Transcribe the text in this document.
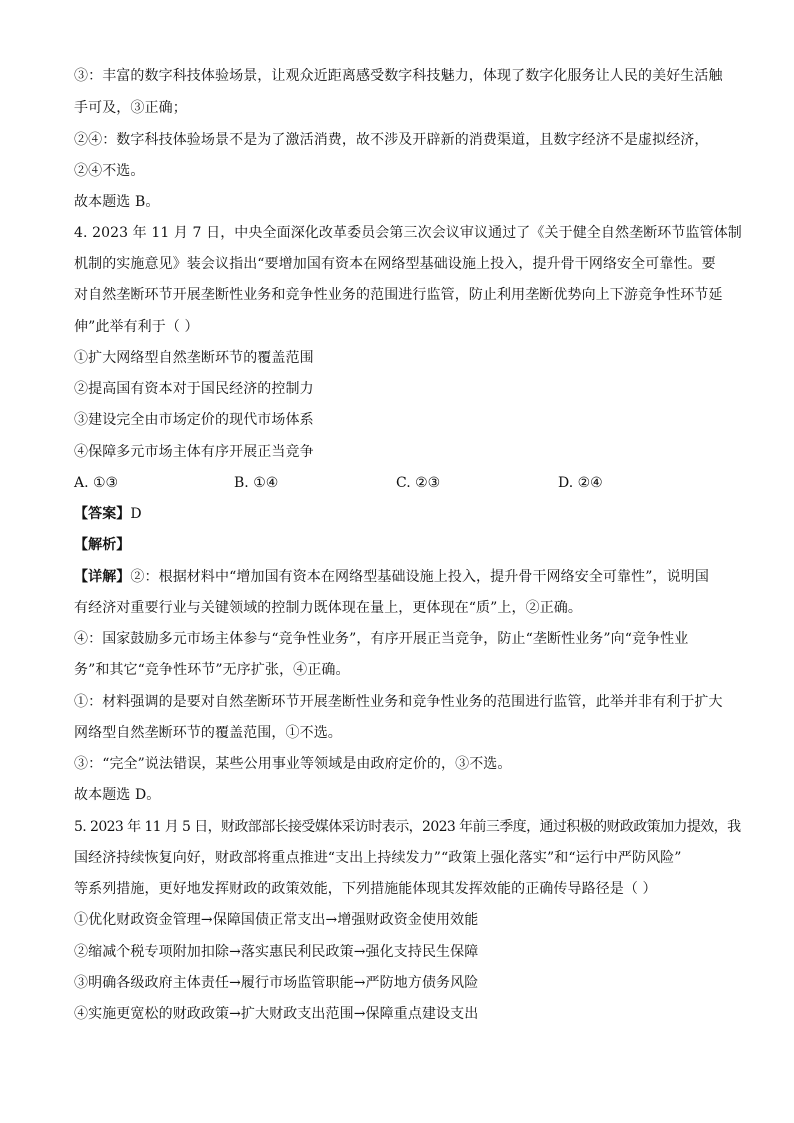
③：丰富的数字科技体验场景，让观众近距离感受数字科技魅力，体现了数字化服务让人民的美好生活触
手可及，③正确；
②④：数字科技体验场景不是为了激活消费，故不涉及开辟新的消费渠道，且数字经济不是虚拟经济，
②④不选。
故本题选 B。
4. 2023 年 11 月 7 日，中央全面深化改革委员会第三次会议审议通过了《关于健全自然垄断环节监管体制
机制的实施意见》装会议指出“要增加国有资本在网络型基础设施上投入，提升骨干网络安全可靠性。要
对自然垄断环节开展垄断性业务和竞争性业务的范围进行监管，防止利用垄断优势向上下游竞争性环节延
伸”此举有利于（ ）
①扩大网络型自然垄断环节的覆盖范围
②提高国有资本对于国民经济的控制力
③建设完全由市场定价的现代市场体系
④保障多元市场主体有序开展正当竞争
A. ①③	B. ①④	C. ②③	D. ②④
【答案】D
【解析】
【详解】②：根据材料中“增加国有资本在网络型基础设施上投入，提升骨干网络安全可靠性”，说明国
有经济对重要行业与关键领域的控制力既体现在量上，更体现在“质”上，②正确。
④：国家鼓励多元市场主体参与“竞争性业务”，有序开展正当竞争，防止“垄断性业务”向“竞争性业
务”和其它“竞争性环节”无序扩张，④正确。
①：材料强调的是要对自然垄断环节开展垄断性业务和竞争性业务的范围进行监管，此举并非有利于扩大
网络型自然垄断环节的覆盖范围，①不选。
③：“完全”说法错误，某些公用事业等领域是由政府定价的，③不选。
故本题选 D。
5. 2023 年 11 月 5 日，财政部部长接受媒体采访时表示，2023 年前三季度，通过积极的财政政策加力提效，我
国经济持续恢复向好，财政部将重点推进“支出上持续发力”“政策上强化落实”和“运行中严防风险”
等系列措施，更好地发挥财政的政策效能，下列措施能体现其发挥效能的正确传导路径是（ ）
①优化财政资金管理→保障国债正常支出→增强财政资金使用效能
②缩减个税专项附加扣除→落实惠民利民政策→强化支持民生保障
③明确各级政府主体责任→履行市场监管职能→严防地方债务风险
④实施更宽松的财政政策→扩大财政支出范围→保障重点建设支出
